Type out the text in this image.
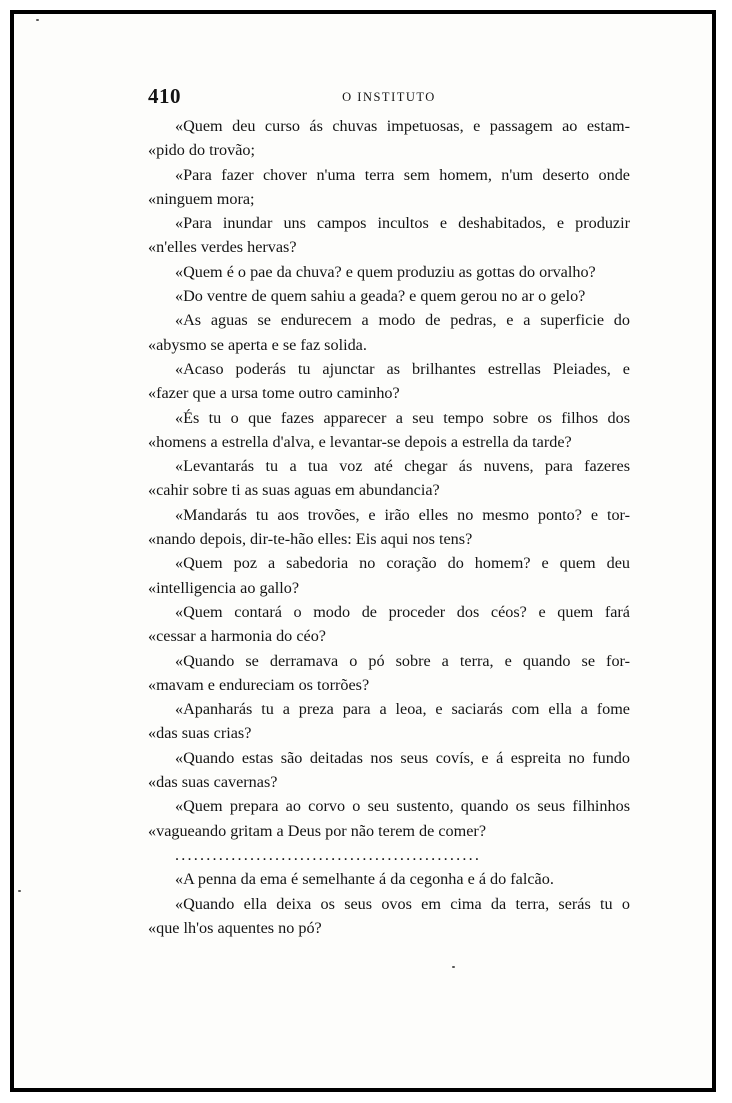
410	O INSTITUTO
«Quem deu curso ás chuvas impetuosas, e passagem ao estam-
«pido do trovão;
«Para fazer chover n'uma terra sem homem, n'um deserto onde
«ninguem mora;
«Para inundar uns campos incultos e deshabitados, e produzir
«n'elles verdes hervas?
«Quem é o pae da chuva? e quem produziu as gottas do orvalho?
«Do ventre de quem sahiu a geada? e quem gerou no ar o gelo?
«As aguas se endurecem a modo de pedras, e a superficie do
«abysmo se aperta e se faz solida.
«Acaso poderás tu ajunctar as brilhantes estrellas Pleiades, e
«fazer que a ursa tome outro caminho?
«És tu o que fazes apparecer a seu tempo sobre os filhos dos
«homens a estrella d'alva, e levantar-se depois a estrella da tarde?
«Levantarás tu a tua voz até chegar ás nuvens, para fazeres
«cahir sobre ti as suas aguas em abundancia?
«Mandarás tu aos trovões, e irão elles no mesmo ponto? e tor-
«nando depois, dir-te-hão elles: Eis aqui nos tens?
«Quem poz a sabedoria no coração do homem? e quem deu
«intelligencia ao gallo?
«Quem contará o modo de proceder dos céos? e quem fará
«cessar a harmonia do céo?
«Quando se derramava o pó sobre a terra, e quando se for-
«mavam e endureciam os torrões?
«Apanharás tu a preza para a leoa, e saciarás com ella a fome
«das suas crias?
«Quando estas são deitadas nos seus covís, e á espreita no fundo
«das suas cavernas?
«Quem prepara ao corvo o seu sustento, quando os seus filhinhos
«vagueando gritam a Deus por não terem de comer?
.................................................
«A penna da ema é semelhante á da cegonha e á do falcão.
«Quando ella deixa os seus ovos em cima da terra, serás tu o
«que lh'os aquentes no pó?
